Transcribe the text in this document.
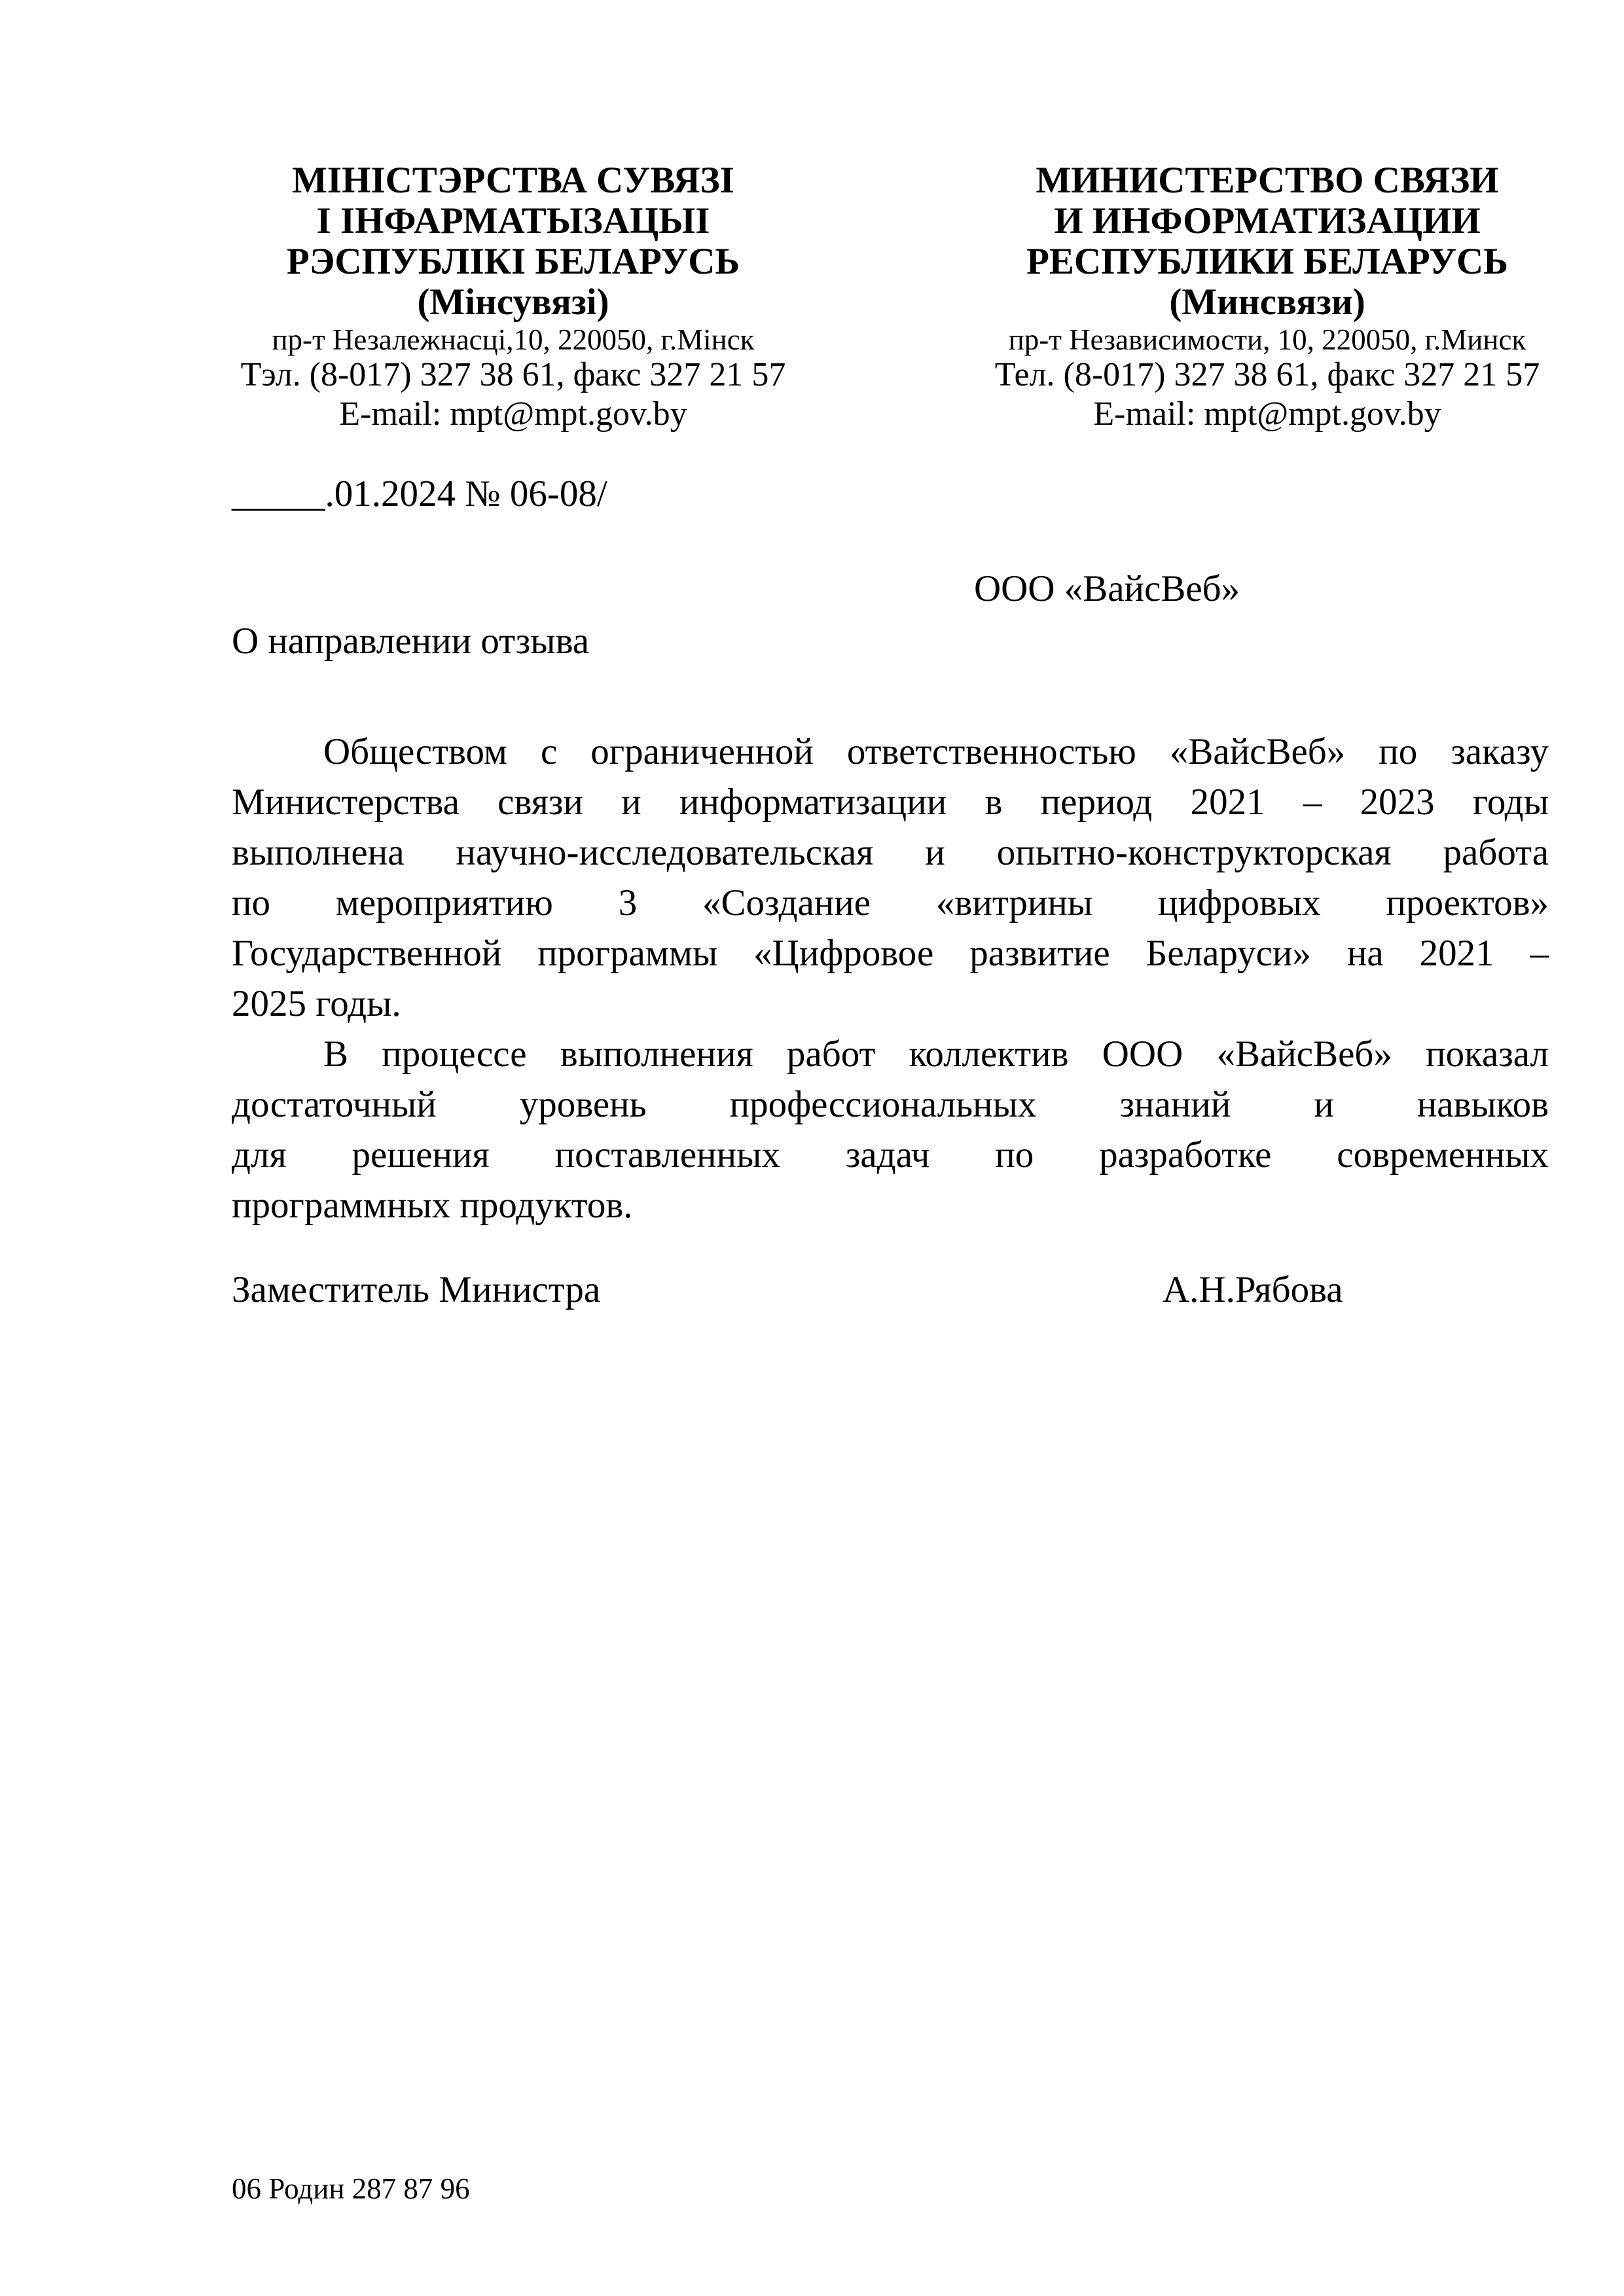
МІНІСТЭРСТВА СУВЯЗІ
І ІНФАРМАТЫЗАЦЫІ
РЭСПУБЛІКІ БЕЛАРУСЬ
(Мінсувязі)
пр-т Незалежнасці,10, 220050, г.Мінск
Тэл. (8-017) 327 38 61, факс 327 21 57
E-mail: mpt@mpt.gov.by
МИНИСТЕРСТВО СВЯЗИ
И ИНФОРМАТИЗАЦИИ
РЕСПУБЛИКИ БЕЛАРУСЬ
(Минсвязи)
пр-т Независимости, 10, 220050, г.Минск
Тел. (8-017) 327 38 61, факс 327 21 57
E-mail: mpt@mpt.gov.by
_____.01.2024 № 06-08/
ООО «ВайсВеб»
О направлении отзыва
Обществом с ограниченной ответственностью «ВайсВеб» по заказу
Министерства связи и информатизации в период 2021 – 2023 годы
выполнена научно-исследовательская и опытно-конструкторская работа
по мероприятию 3 «Создание «витрины цифровых проектов»
Государственной программы «Цифровое развитие Беларуси» на 2021 –
2025 годы.
В процессе выполнения работ коллектив ООО «ВайсВеб» показал
достаточный уровень профессиональных знаний и навыков
для решения поставленных задач по разработке современных
программных продуктов.
Заместитель Министра	А.Н.Рябова
06 Родин 287 87 96
